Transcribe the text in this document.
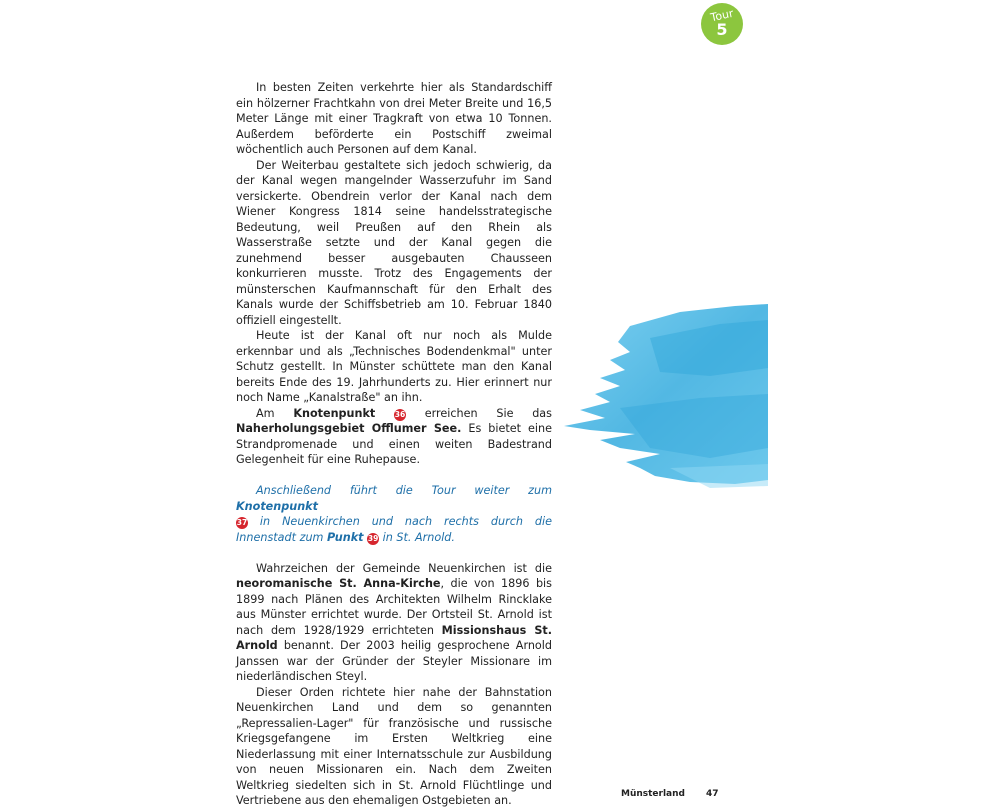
Tour
5

In besten Zeiten verkehrte hier als Standardschiff ein hölzerner Frachtkahn von drei Meter Breite und 16,5 Meter Länge mit einer Tragkraft von etwa 10 Tonnen. Außerdem beförderte ein Postschiff zweimal wöchentlich auch Personen auf dem Kanal.

Der Weiterbau gestaltete sich jedoch schwierig, da der Kanal wegen mangelnder Wasserzufuhr im Sand versickerte. Obendrein verlor der Kanal nach dem Wiener Kongress 1814 seine handelsstrategische Bedeutung, weil Preußen auf den Rhein als Wasserstraße setzte und der Kanal gegen die zunehmend besser ausgebauten Chausseen konkurrieren musste. Trotz des Engagements der münsterschen Kaufmannschaft für den Erhalt des Kanals wurde der Schiffsbetrieb am 10. Februar 1840 offiziell eingestellt.

Heute ist der Kanal oft nur noch als Mulde erkennbar und als „Technisches Bodendenkmal" unter Schutz gestellt. In Münster schüttete man den Kanal bereits Ende des 19. Jahrhunderts zu. Hier erinnert nur noch Name „Kanalstraße" an ihn.

Am Knotenpunkt	36 erreichen Sie das Naherholungsgebiet Offlumer See. Es bietet eine Strandpromenade und einen weiten Badestrand Gelegenheit für eine Ruhepause.

Anschließend führt die Tour weiter zum Knotenpunkt
37 in Neuenkirchen und nach rechts durch die Innenstadt zum Punkt 39 in St. Arnold.

Wahrzeichen der Gemeinde Neuenkirchen ist die neoromanische St. Anna-Kirche, die von 1896 bis 1899 nach Plänen des Architekten Wilhelm Rincklake aus Münster errichtet wurde. Der Ortsteil St. Arnold ist nach dem 1928/1929 errichteten Missionshaus St. Arnold benannt. Der 2003 heilig gesprochene Arnold Janssen war der Gründer der Steyler Missionare im niederländischen Steyl.

Dieser Orden richtete hier nahe der Bahnstation Neuenkirchen Land und dem so genannten „Repressalien-Lager" für französische und russische Kriegsgefangene im Ersten Weltkrieg eine Niederlassung mit einer Internatsschule zur Ausbildung von neuen Missionaren ein. Nach dem Zweiten Weltkrieg siedelten sich in St. Arnold Flüchtlinge und Vertriebene aus den ehemaligen Ostgebieten an.	Münsterland 47
